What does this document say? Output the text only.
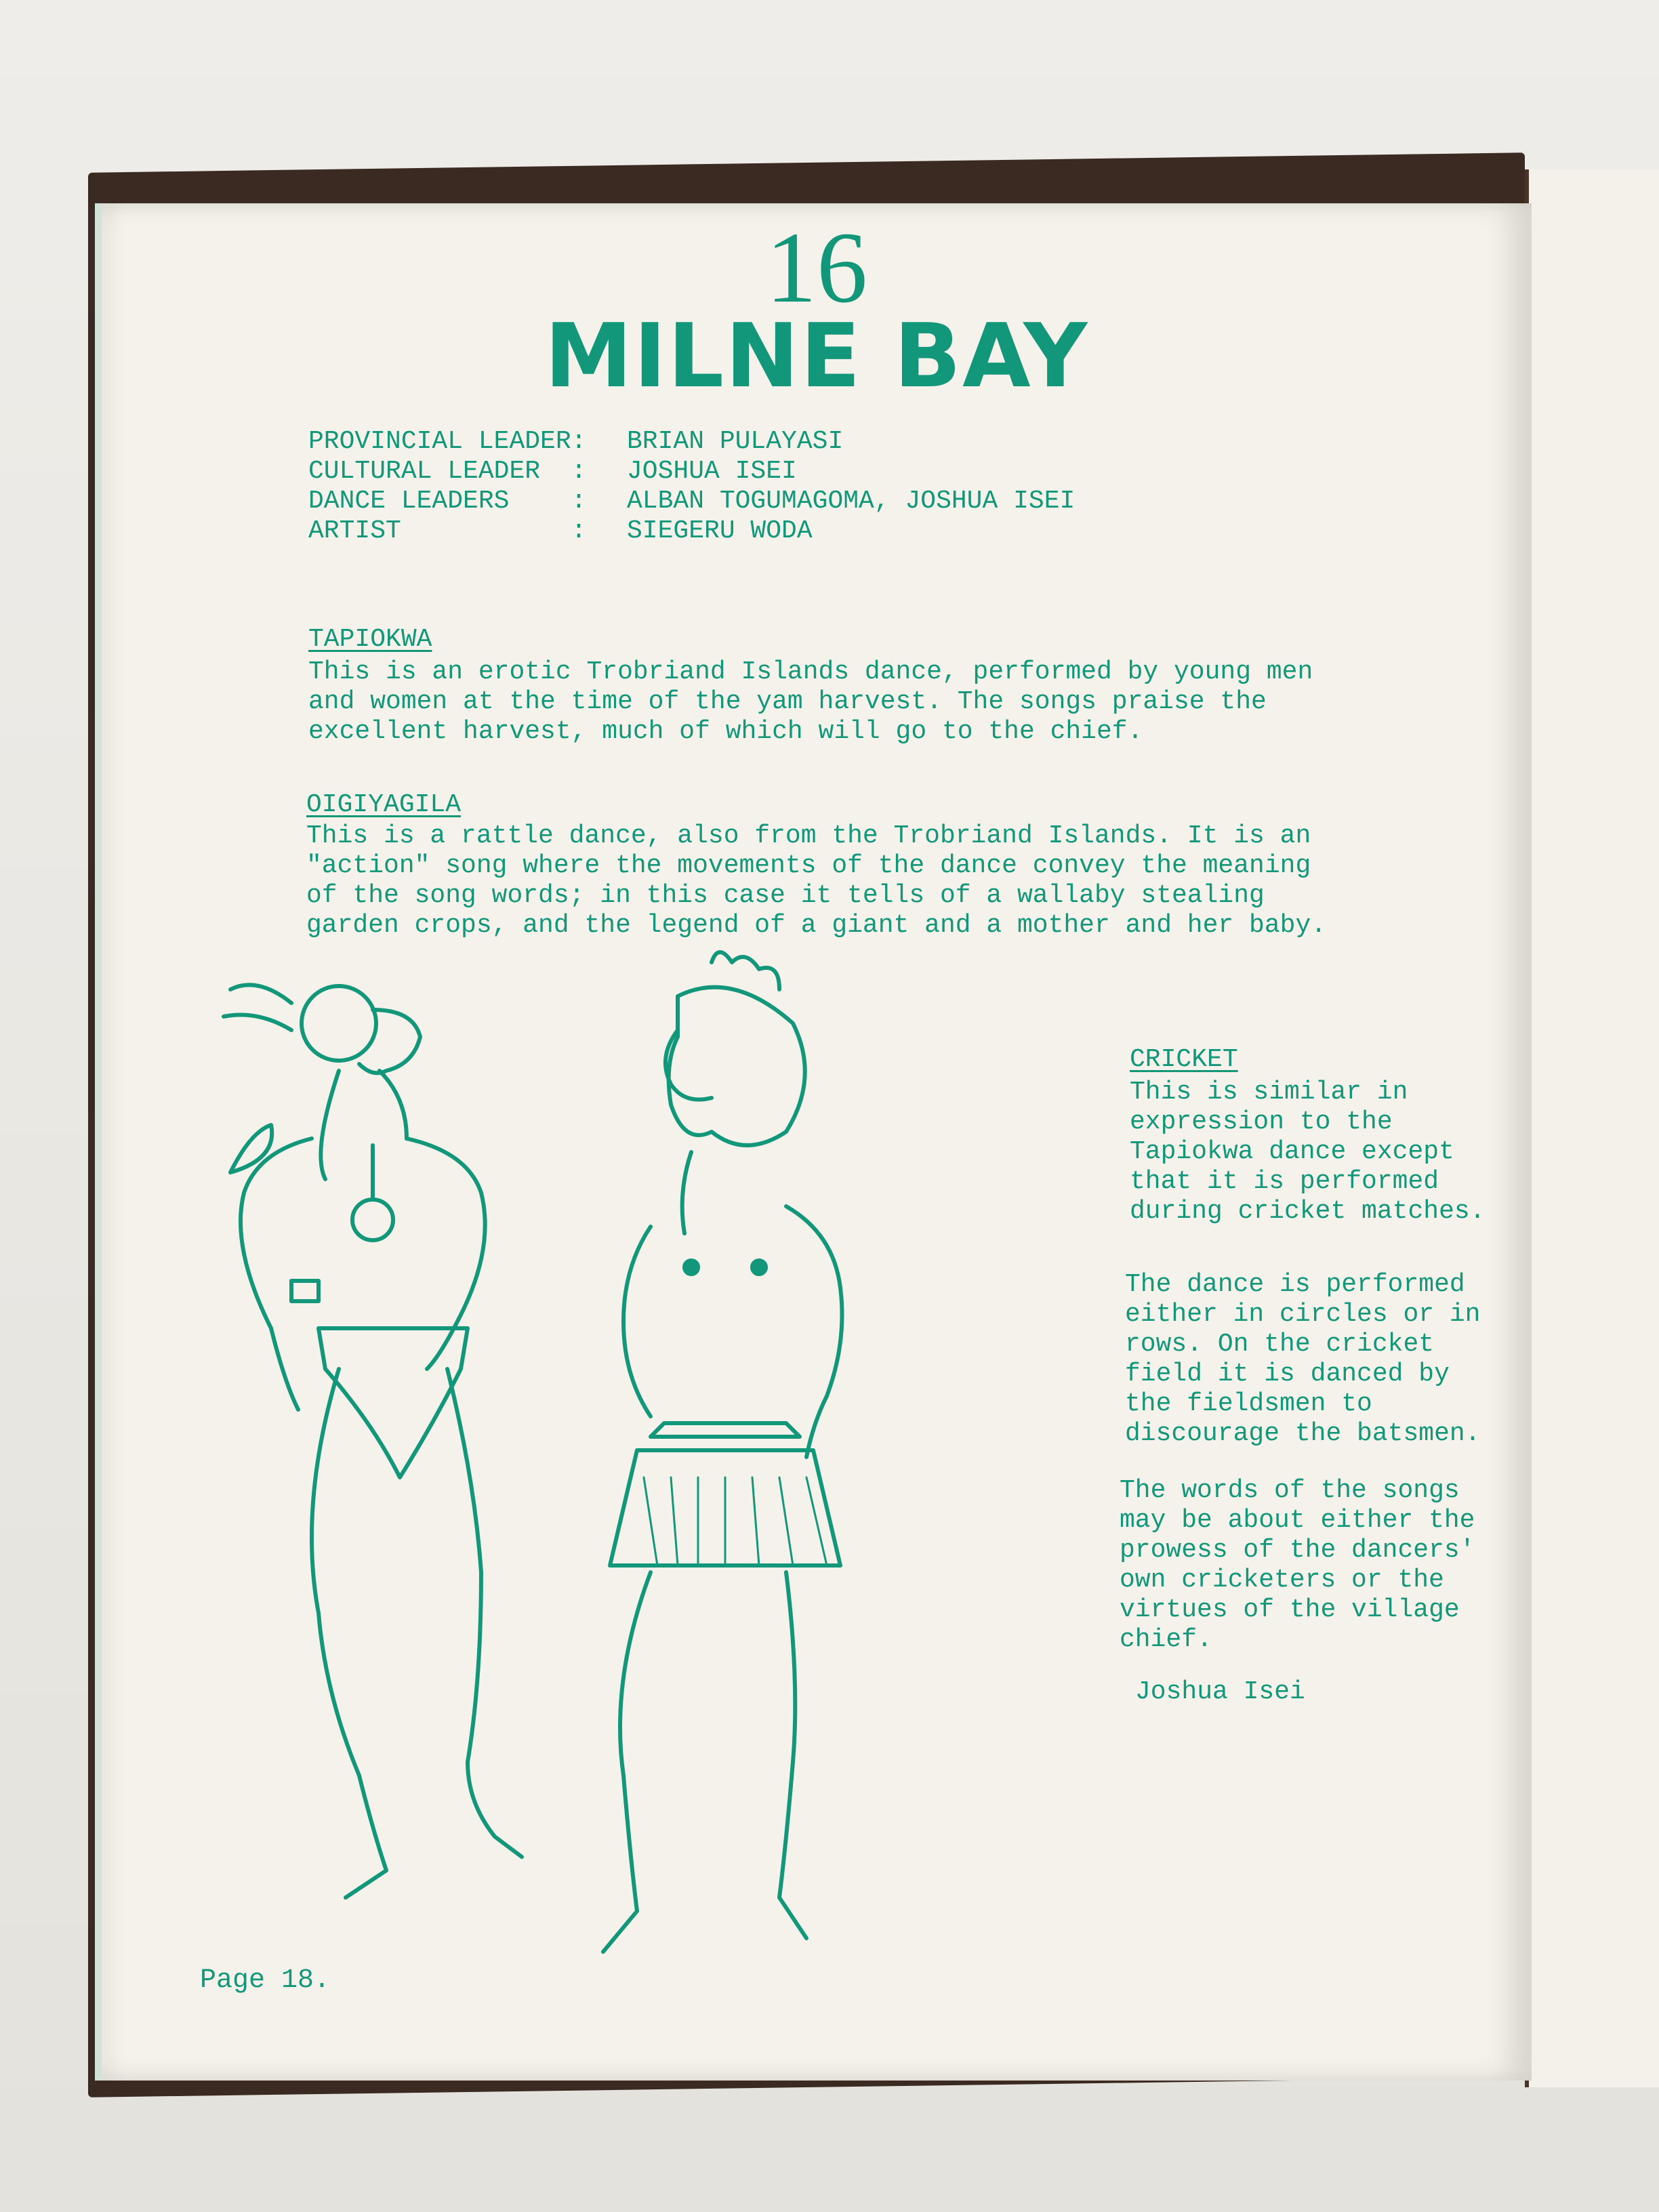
16
MILNE BAY
PROVINCIAL LEADER:	BRIAN PULAYASI
CULTURAL LEADER  :	JOSHUA ISEI
DANCE LEADERS    :	ALBAN TOGUMAGOMA, JOSHUA ISEI
ARTIST           :	SIEGERU WODA
TAPIOKWA
This is an erotic Trobriand Islands dance, performed by young men
and women at the time of the yam harvest. The songs praise the
excellent harvest, much of which will go to the chief.
OIGIYAGILA
This is a rattle dance, also from the Trobriand Islands. It is an
"action" song where the movements of the dance convey the meaning
of the song words; in this case it tells of a wallaby stealing
garden crops, and the legend of a giant and a mother and her baby.
CRICKET
This is similar in
expression to the
Tapiokwa dance except
that it is performed
during cricket matches.
The dance is performed
either in circles or in
rows. On the cricket
field it is danced by
the fieldsmen to
discourage the batsmen.
The words of the songs
may be about either the
prowess of the dancers'
own cricketers or the
virtues of the village
chief.
Joshua Isei
Page 18.
